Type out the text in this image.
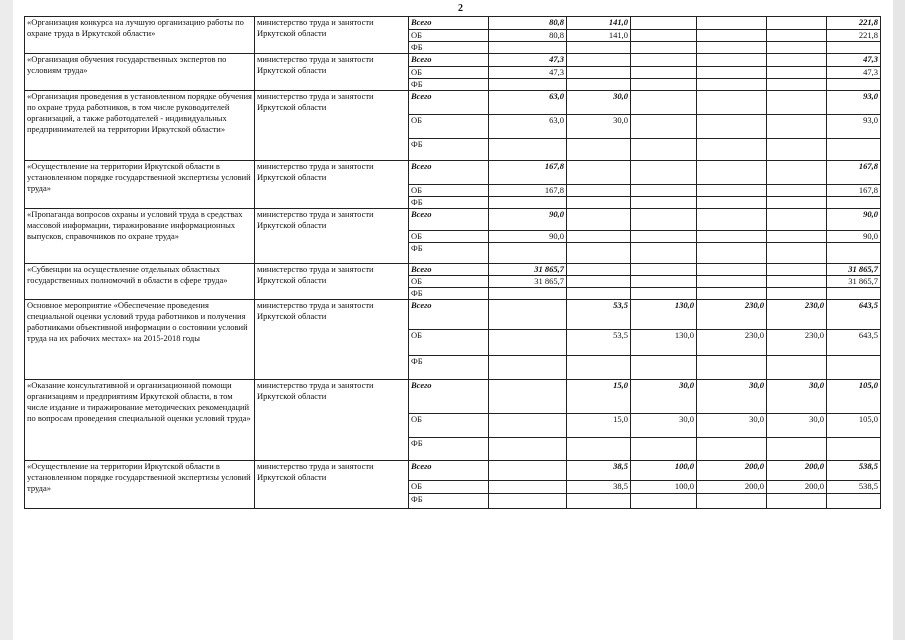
2
«Организация конкурса на лучшую организацию работы по охране труда в Иркутской области»	министерство труда и занятости Иркутской области	Всего	80,8	141,0				221,8
		ОБ	80,8	141,0				221,8
		ФБ						
«Организация обучения государственных экспертов по условиям труда»	министерство труда и занятости Иркутской области	Всего	47,3					47,3
		ОБ	47,3					47,3
		ФБ						
«Организация проведения в установленном порядке обучения по охране труда работников, в том числе руководителей организаций, а также работодателей - индивидуальных предпринимателей на территории Иркутской области»	министерство труда и занятости Иркутской области	Всего	63,0	30,0				93,0
		ОБ	63,0	30,0				93,0
		ФБ						
«Осуществление на территории Иркутской области в установленном порядке государственной экспертизы условий труда»	министерство труда и занятости Иркутской области	Всего	167,8					167,8
		ОБ	167,8					167,8
		ФБ						
«Пропаганда вопросов охраны и условий труда в средствах массовой информации, тиражирование информационных выпусков, справочников по охране труда»	министерство труда и занятости Иркутской области	Всего	90,0					90,0
		ОБ	90,0					90,0
		ФБ						
«Субвенции на осуществление отдельных областных государственных полномочий в области в сфере труда»	министерство труда и занятости Иркутской области	Всего	31 865,7					31 865,7
		ОБ	31 865,7					31 865,7
		ФБ						
Основное мероприятие «Обеспечение проведения специальной оценки условий труда работников и получения работниками объективной информации о состоянии условий труда на их рабочих местах» на 2015-2018 годы	министерство труда и занятости Иркутской области	Всего		53,5	130,0	230,0	230,0	643,5
		ОБ		53,5	130,0	230,0	230,0	643,5
		ФБ						
«Оказание консультативной и организационной помощи организациям и предприятиям Иркутской области, в том числе издание и тиражирование методических рекомендаций по вопросам проведения специальной оценки условий труда»	министерство труда и занятости Иркутской области	Всего		15,0	30,0	30,0	30,0	105,0
		ОБ		15,0	30,0	30,0	30,0	105,0
		ФБ						
«Осуществление на территории Иркутской области в установленном порядке государственной экспертизы условий труда»	министерство труда и занятости Иркутской области	Всего		38,5	100,0	200,0	200,0	538,5
		ОБ		38,5	100,0	200,0	200,0	538,5
		ФБ						
